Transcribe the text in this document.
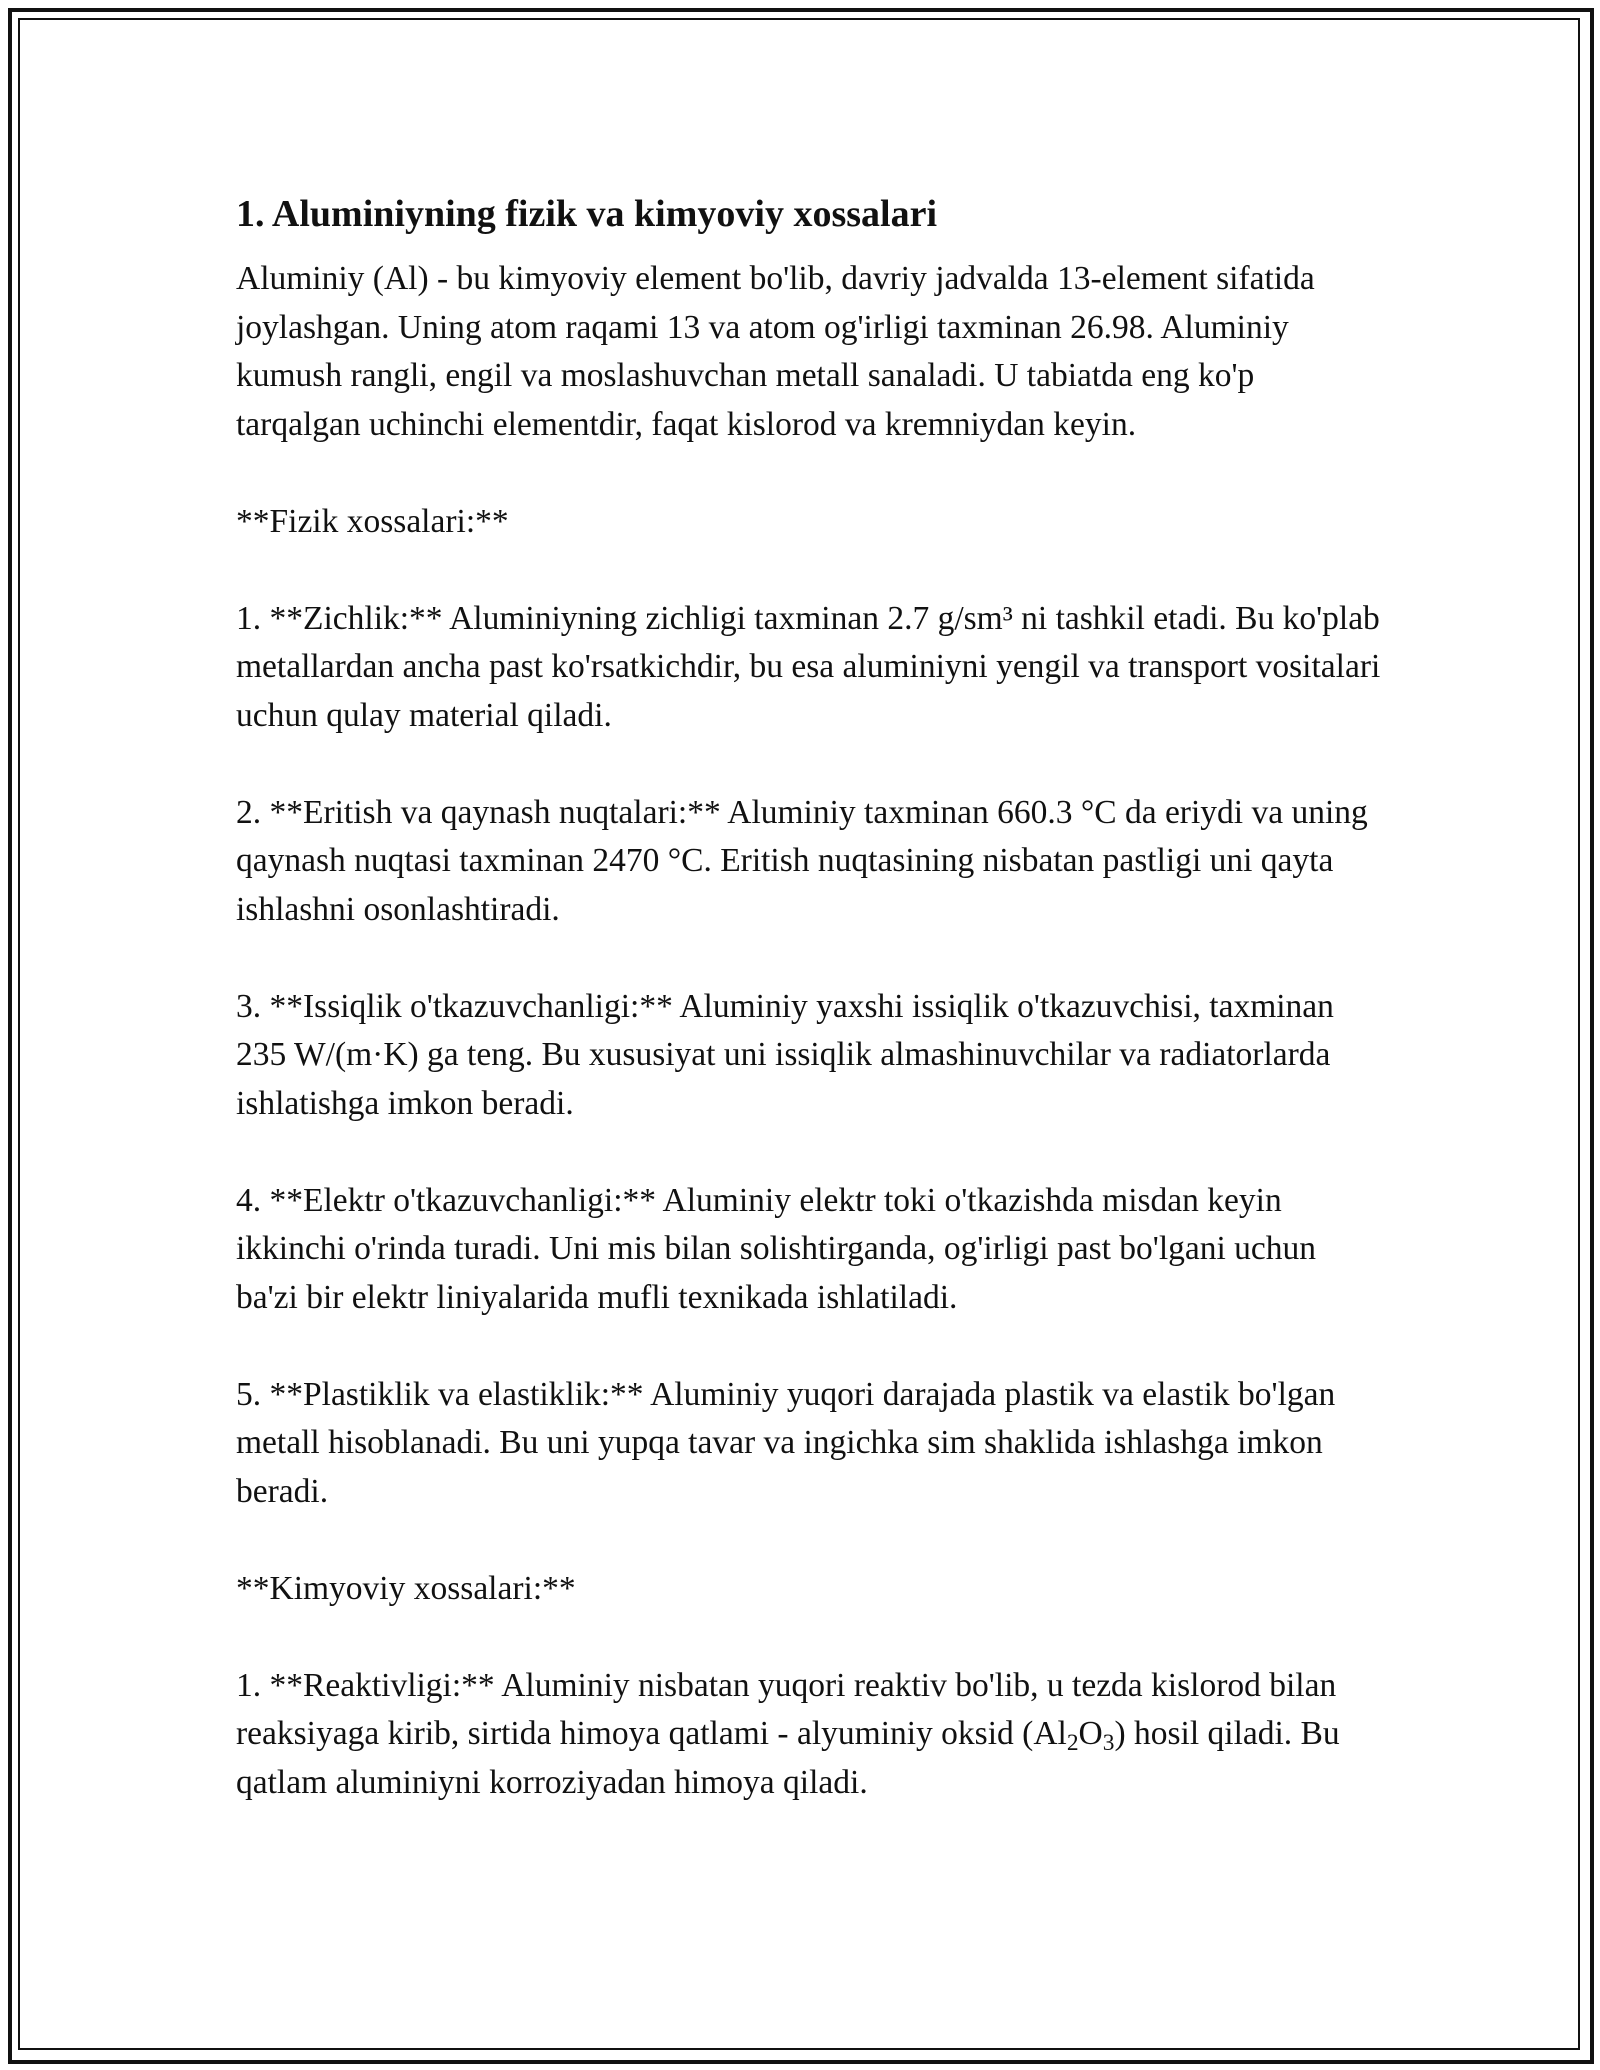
1. Aluminiyning fizik va kimyoviy xossalari

Aluminiy (Al) - bu kimyoviy element bo'lib, davriy jadvalda 13-element sifatida joylashgan. Uning atom raqami 13 va atom og'irligi taxminan 26.98. Aluminiy kumush rangli, engil va moslashuvchan metall sanaladi. U tabiatda eng ko'p tarqalgan uchinchi elementdir, faqat kislorod va kremniydan keyin.

**Fizik xossalari:**

1. **Zichlik:** Aluminiyning zichligi taxminan 2.7 g/sm³ ni tashkil etadi. Bu ko'plab metallardan ancha past ko'rsatkichdir, bu esa aluminiyni yengil va transport vositalari uchun qulay material qiladi.

2. **Eritish va qaynash nuqtalari:** Aluminiy taxminan 660.3 °C da eriydi va uning qaynash nuqtasi taxminan 2470 °C. Eritish nuqtasining nisbatan pastligi uni qayta ishlashni osonlashtiradi.

3. **Issiqlik o'tkazuvchanligi:** Aluminiy yaxshi issiqlik o'tkazuvchisi, taxminan 235 W/(m·K) ga teng. Bu xususiyat uni issiqlik almashinuvchilar va radiatorlarda ishlatishga imkon beradi.

4. **Elektr o'tkazuvchanligi:** Aluminiy elektr toki o'tkazishda misdan keyin ikkinchi o'rinda turadi. Uni mis bilan solishtirganda, og'irligi past bo'lgani uchun ba'zi bir elektr liniyalarida mufli texnikada ishlatiladi.

5. **Plastiklik va elastiklik:** Aluminiy yuqori darajada plastik va elastik bo'lgan metall hisoblanadi. Bu uni yupqa tavar va ingichka sim shaklida ishlashga imkon beradi.

**Kimyoviy xossalari:**

1. **Reaktivligi:** Aluminiy nisbatan yuqori reaktiv bo'lib, u tezda kislorod bilan reaksiyaga kirib, sirtida himoya qatlami - alyuminiy oksid $(Al_2O_3)$ hosil qiladi. Bu qatlam aluminiyni korroziyadan himoya qiladi.
